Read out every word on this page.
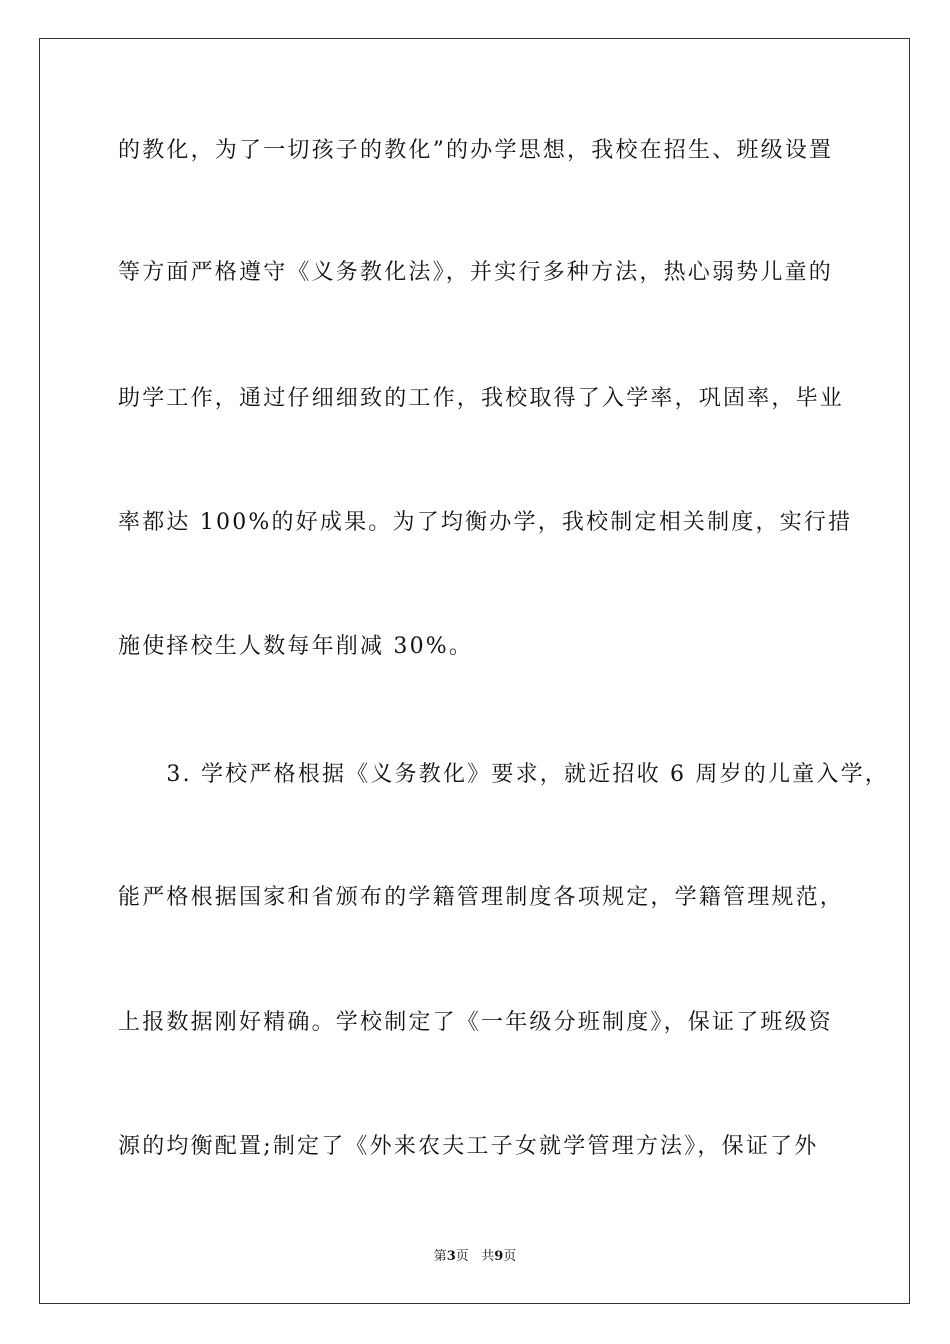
的教化，为了一切孩子的教化”的办学思想，我校在招生、班级设置

等方面严格遵守《义务教化法》，并实行多种方法，热心弱势儿童的

助学工作，通过仔细细致的工作，我校取得了入学率，巩固率，毕业

率都达 100%的好成果。为了均衡办学，我校制定相关制度，实行措

施使择校生人数每年削减 30%。

　　3. 学校严格根据《义务教化》要求，就近招收 6 周岁的儿童入学，

能严格根据国家和省颁布的学籍管理制度各项规定，学籍管理规范，

上报数据刚好精确。学校制定了《一年级分班制度》，保证了班级资

源的均衡配置;制定了《外来农夫工子女就学管理方法》，保证了外

第3页 共9页
